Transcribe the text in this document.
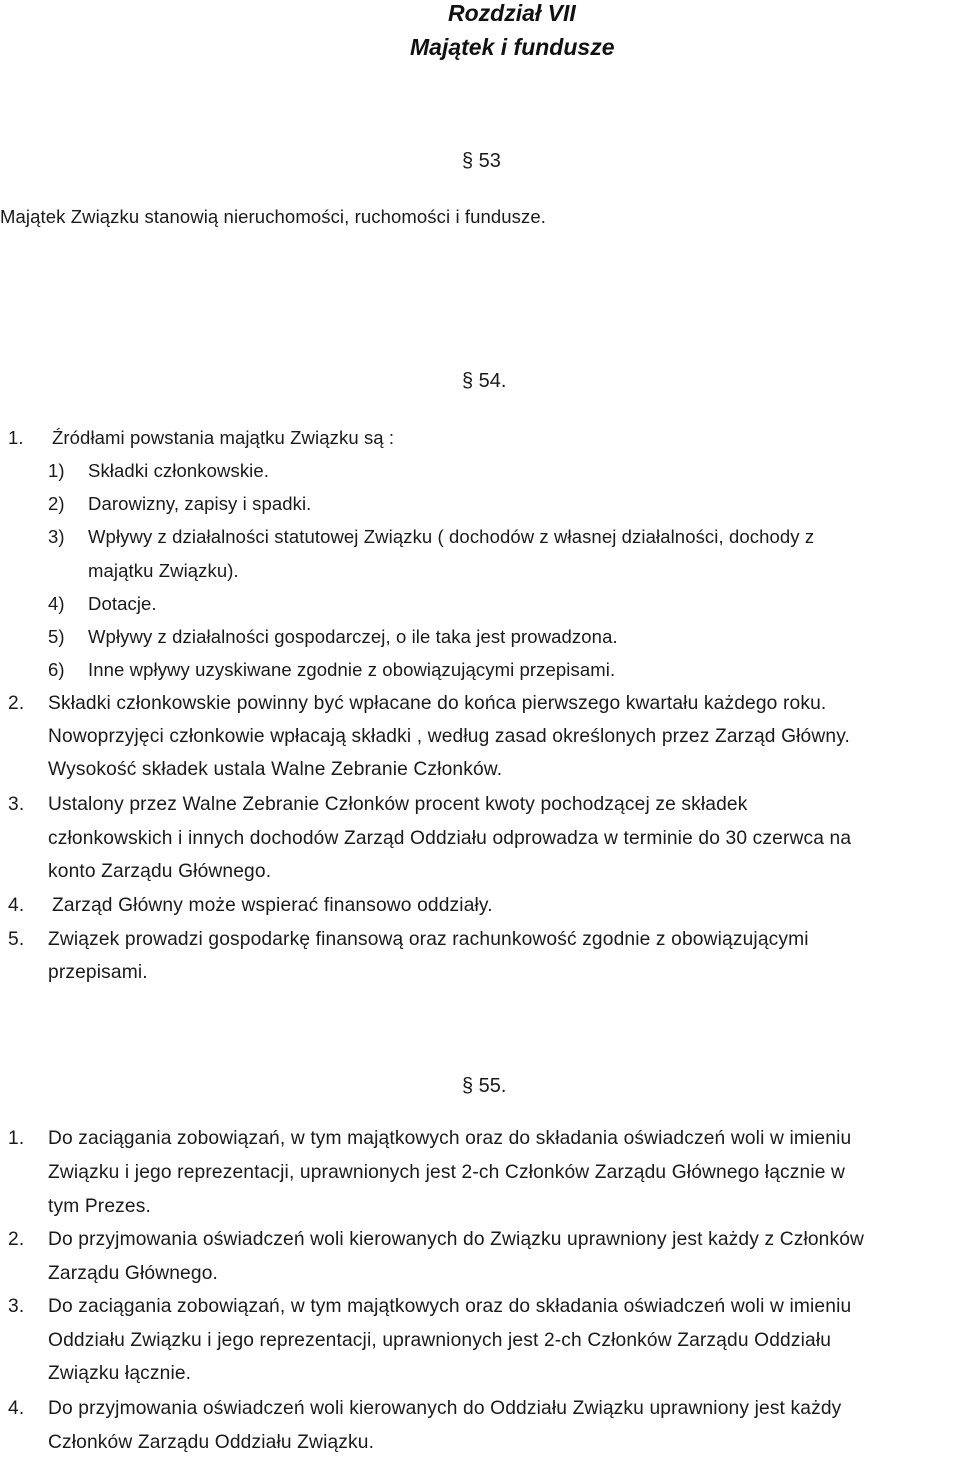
Rozdział VII
Majątek i fundusze
§ 53
Majątek Związku stanowią nieruchomości, ruchomości i fundusze.
§ 54.
1. Źródłami powstania majątku Związku są :
1) Składki członkowskie.
2) Darowizny, zapisy i spadki.
3) Wpływy z działalności statutowej Związku ( dochodów z własnej działalności, dochody z
majątku Związku).
4) Dotacje.
5) Wpływy z działalności gospodarczej, o ile taka jest prowadzona.
6) Inne wpływy uzyskiwane zgodnie z obowiązującymi przepisami.
2. Składki członkowskie powinny być wpłacane do końca pierwszego kwartału każdego roku.
Nowoprzyjęci członkowie wpłacają składki , według zasad określonych przez Zarząd Główny.
Wysokość składek ustala Walne Zebranie Członków.
3. Ustalony przez Walne Zebranie Członków procent kwoty pochodzącej ze składek
członkowskich i innych dochodów Zarząd Oddziału odprowadza w terminie do 30 czerwca na
konto Zarządu Głównego.
4. Zarząd Główny może wspierać finansowo oddziały.
5. Związek prowadzi gospodarkę finansową oraz rachunkowość zgodnie z obowiązującymi
przepisami.
§ 55.
1. Do zaciągania zobowiązań, w tym majątkowych oraz do składania oświadczeń woli w imieniu
Związku i jego reprezentacji, uprawnionych jest 2-ch Członków Zarządu Głównego łącznie w
tym Prezes.
2. Do przyjmowania oświadczeń woli kierowanych do Związku uprawniony jest każdy z Członków
Zarządu Głównego.
3. Do zaciągania zobowiązań, w tym majątkowych oraz do składania oświadczeń woli w imieniu
Oddziału Związku i jego reprezentacji, uprawnionych jest 2-ch Członków Zarządu Oddziału
Związku łącznie.
4. Do przyjmowania oświadczeń woli kierowanych do Oddziału Związku uprawniony jest każdy
Członków Zarządu Oddziału Związku.
